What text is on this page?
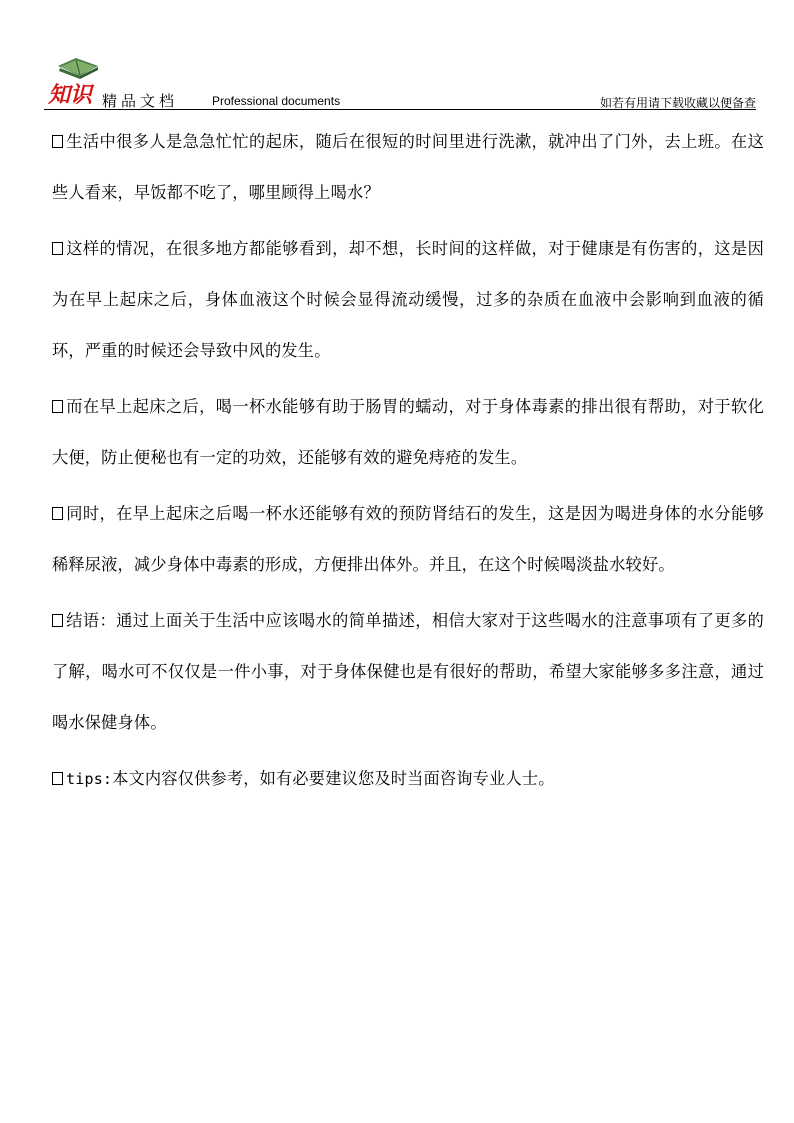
知识 精品文档	Professional documents	如若有用请下载收藏以便备查

生活中很多人是急急忙忙的起床，随后在很短的时间里进行洗漱，就冲出了门外，去上班。在这些人看来，早饭都不吃了，哪里顾得上喝水？

这样的情况，在很多地方都能够看到，却不想，长时间的这样做，对于健康是有伤害的，这是因为在早上起床之后，身体血液这个时候会显得流动缓慢，过多的杂质在血液中会影响到血液的循环，严重的时候还会导致中风的发生。

而在早上起床之后，喝一杯水能够有助于肠胃的蠕动，对于身体毒素的排出很有帮助，对于软化大便，防止便秘也有一定的功效，还能够有效的避免痔疮的发生。

同时，在早上起床之后喝一杯水还能够有效的预防肾结石的发生，这是因为喝进身体的水分能够稀释尿液，减少身体中毒素的形成，方便排出体外。并且，在这个时候喝淡盐水较好。

结语：通过上面关于生活中应该喝水的简单描述，相信大家对于这些喝水的注意事项有了更多的了解，喝水可不仅仅是一件小事，对于身体保健也是有很好的帮助，希望大家能够多多注意，通过喝水保健身体。

tips:本文内容仅供参考，如有必要建议您及时当面咨询专业人士。
